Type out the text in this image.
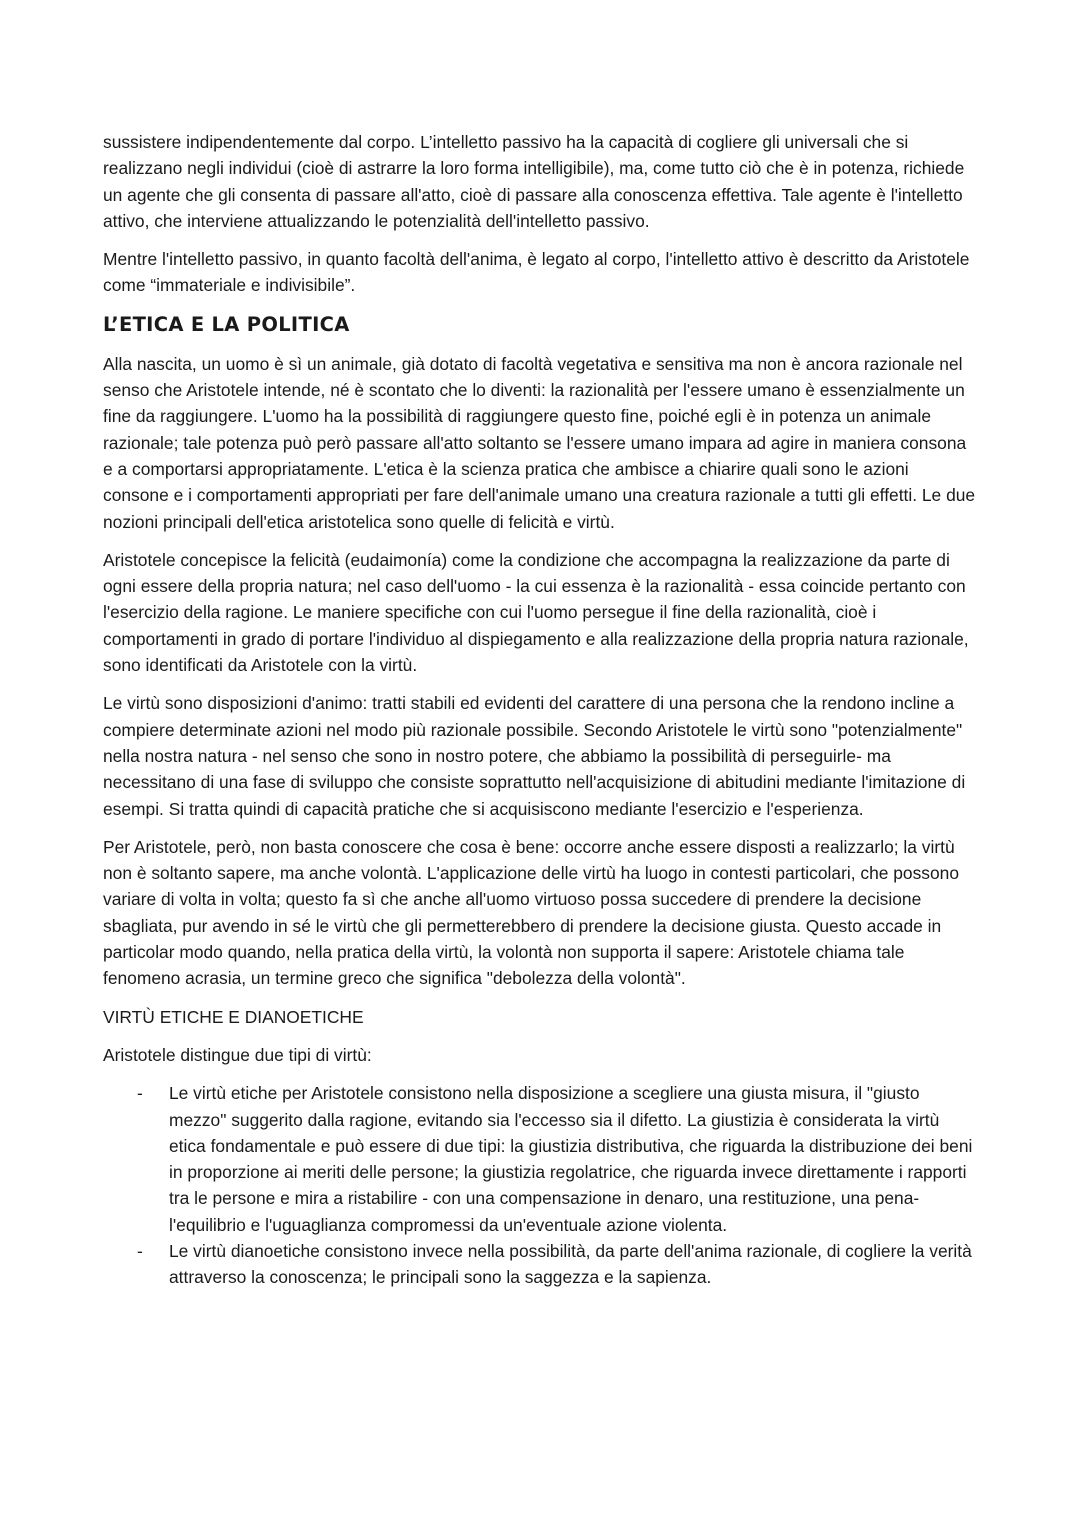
sussistere indipendentemente dal corpo. L’intelletto passivo ha la capacità di cogliere gli universali che si realizzano negli individui (cioè di astrarre la loro forma intelligibile), ma, come tutto ciò che è in potenza, richiede un agente che gli consenta di passare all'atto, cioè di passare alla conoscenza effettiva. Tale agente è l'intelletto attivo, che interviene attualizzando le potenzialità dell'intelletto passivo.

Mentre l'intelletto passivo, in quanto facoltà dell'anima, è legato al corpo, l'intelletto attivo è descritto da Aristotele come “immateriale e indivisibile”.

L’ETICA E LA POLITICA

Alla nascita, un uomo è sì un animale, già dotato di facoltà vegetativa e sensitiva ma non è ancora razionale nel senso che Aristotele intende, né è scontato che lo diventi: la razionalità per l'essere umano è essenzialmente un fine da raggiungere. L'uomo ha la possibilità di raggiungere questo fine, poiché egli è in potenza un animale razionale; tale potenza può però passare all'atto soltanto se l'essere umano impara ad agire in maniera consona e a comportarsi appropriatamente. L'etica è la scienza pratica che ambisce a chiarire quali sono le azioni consone e i comportamenti appropriati per fare dell'animale umano una creatura razionale a tutti gli effetti. Le due nozioni principali dell'etica aristotelica sono quelle di felicità e virtù.

Aristotele concepisce la felicità (eudaimonía) come la condizione che accompagna la realizzazione da parte di ogni essere della propria natura; nel caso dell'uomo - la cui essenza è la razionalità - essa coincide pertanto con l'esercizio della ragione. Le maniere specifiche con cui l'uomo persegue il fine della razionalità, cioè i comportamenti in grado di portare l'individuo al dispiegamento e alla realizzazione della propria natura razionale, sono identificati da Aristotele con la virtù.

Le virtù sono disposizioni d'animo: tratti stabili ed evidenti del carattere di una persona che la rendono incline a compiere determinate azioni nel modo più razionale possibile. Secondo Aristotele le virtù sono "potenzialmente" nella nostra natura - nel senso che sono in nostro potere, che abbiamo la possibilità di perseguirle- ma necessitano di una fase di sviluppo che consiste soprattutto nell'acquisizione di abitudini mediante l'imitazione di esempi. Si tratta quindi di capacità pratiche che si acquisiscono mediante l'esercizio e l'esperienza.

Per Aristotele, però, non basta conoscere che cosa è bene: occorre anche essere disposti a realizzarlo; la virtù non è soltanto sapere, ma anche volontà. L'applicazione delle virtù ha luogo in contesti particolari, che possono variare di volta in volta; questo fa sì che anche all'uomo virtuoso possa succedere di prendere la decisione sbagliata, pur avendo in sé le virtù che gli permetterebbero di prendere la decisione giusta. Questo accade in particolar modo quando, nella pratica della virtù, la volontà non supporta il sapere: Aristotele chiama tale fenomeno acrasia, un termine greco che significa "debolezza della volontà".

VIRTÙ ETICHE E DIANOETICHE

Aristotele distingue due tipi di virtù:

- Le virtù etiche per Aristotele consistono nella disposizione a scegliere una giusta misura, il "giusto mezzo" suggerito dalla ragione, evitando sia l'eccesso sia il difetto. La giustizia è considerata la virtù etica fondamentale e può essere di due tipi: la giustizia distributiva, che riguarda la distribuzione dei beni in proporzione ai meriti delle persone; la giustizia regolatrice, che riguarda invece direttamente i rapporti tra le persone e mira a ristabilire - con una compensazione in denaro, una restituzione, una pena- l'equilibrio e l'uguaglianza compromessi da un'eventuale azione violenta.
- Le virtù dianoetiche consistono invece nella possibilità, da parte dell'anima razionale, di cogliere la verità attraverso la conoscenza; le principali sono la saggezza e la sapienza.
